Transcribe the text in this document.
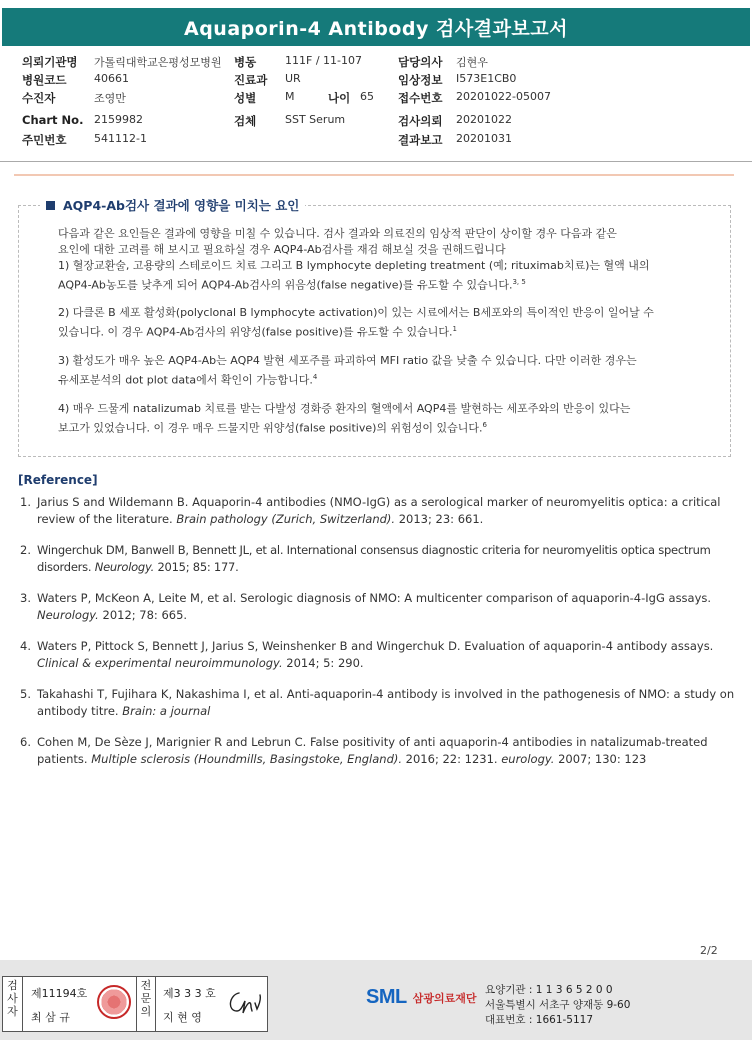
Aquaporin-4 Antibody 검사결과보고서
의뢰기관명 가톨릭대학교은평성모병원 병동	111F / 11-107	담당의사 김현우
병원코드	40661	진료과 UR	임상정보 I573E1CB0
수진자	조영만	성별	M	나이 65 접수번호 20201022-05007
Chart No. 2159982	검체	SST Serum	검사의뢰 20201022
주민번호	541112-1	결과보고 20201031
AQP4-Ab검사 결과에 영향을 미치는 요인
다음과 같은 요인들은 결과에 영향을 미칠 수 있습니다. 검사 결과와 의료진의 임상적 판단이 상이할 경우 다음과 같은
요인에 대한 고려를 해 보시고 필요하실 경우 AQP4-Ab검사를 재검 해보실 것을 권해드립니다
1) 혈장교환술, 고용량의 스테로이드 치료 그리고 B lymphocyte depleting treatment (예; rituximab치료)는 혈액 내의
AQP4-Ab농도를 낮추게 되어 AQP4-Ab검사의 위음성(false negative)를 유도할 수 있습니다.$^{3, 5}$
2) 다클론 B 세포 활성화(polyclonal B lymphocyte activation)이 있는 시료에서는 B세포와의 특이적인 반응이 일어날 수
있습니다. 이 경우 AQP4-Ab검사의 위양성(false positive)를 유도할 수 있습니다.$^1$
3) 활성도가 매우 높은 AQP4-Ab는 AQP4 발현 세포주를 파괴하여 MFI ratio 값을 낮출 수 있습니다. 다만 이러한 경우는
유세포분석의 dot plot data에서 확인이 가능합니다.$^4$
4) 매우 드물게 natalizumab 치료를 받는 다발성 경화증 환자의 혈액에서 AQP4를 발현하는 세포주와의 반응이 있다는
보고가 있었습니다. 이 경우 매우 드물지만 위양성(false positive)의 위험성이 있습니다.$^6$
[Reference]
1. Jarius S and Wildemann B. Aquaporin-4 antibodies (NMO-IgG) as a serological marker of neuromyelitis optica: a critical review of the literature. Brain pathology (Zurich, Switzerland). 2013; 23: 661.
2. Wingerchuk DM, Banwell B, Bennett JL, et al. International consensus diagnostic criteria for neuromyelitis optica spectrum disorders. Neurology. 2015; 85: 177.
3. Waters P, McKeon A, Leite M, et al. Serologic diagnosis of NMO: A multicenter comparison of aquaporin-4-IgG assays. Neurology. 2012; 78: 665.
4. Waters P, Pittock S, Bennett J, Jarius S, Weinshenker B and Wingerchuk D. Evaluation of aquaporin-4 antibody assays. Clinical & experimental neuroimmunology. 2014; 5: 290.
5. Takahashi T, Fujihara K, Nakashima I, et al. Anti-aquaporin-4 antibody is involved in the pathogenesis of NMO: a study on antibody titre. Brain: a journal
6. Cohen M, De Sèze J, Marignier R and Lebrun C. False positivity of anti aquaporin-4 antibodies in natalizumab-treated patients. Multiple sclerosis (Houndmills, Basingstoke, England). 2016; 22: 1231. eurology. 2007; 130: 123
2/2
검사자
제11194호
최 삼 규
전문의
제3 3 3 호
지 현 영
SML 삼광의료재단
요양기관 : 1 1 3 6 5 2 0 0
서울특별시 서초구 양재동 9-60
대표번호 : 1661-5117
